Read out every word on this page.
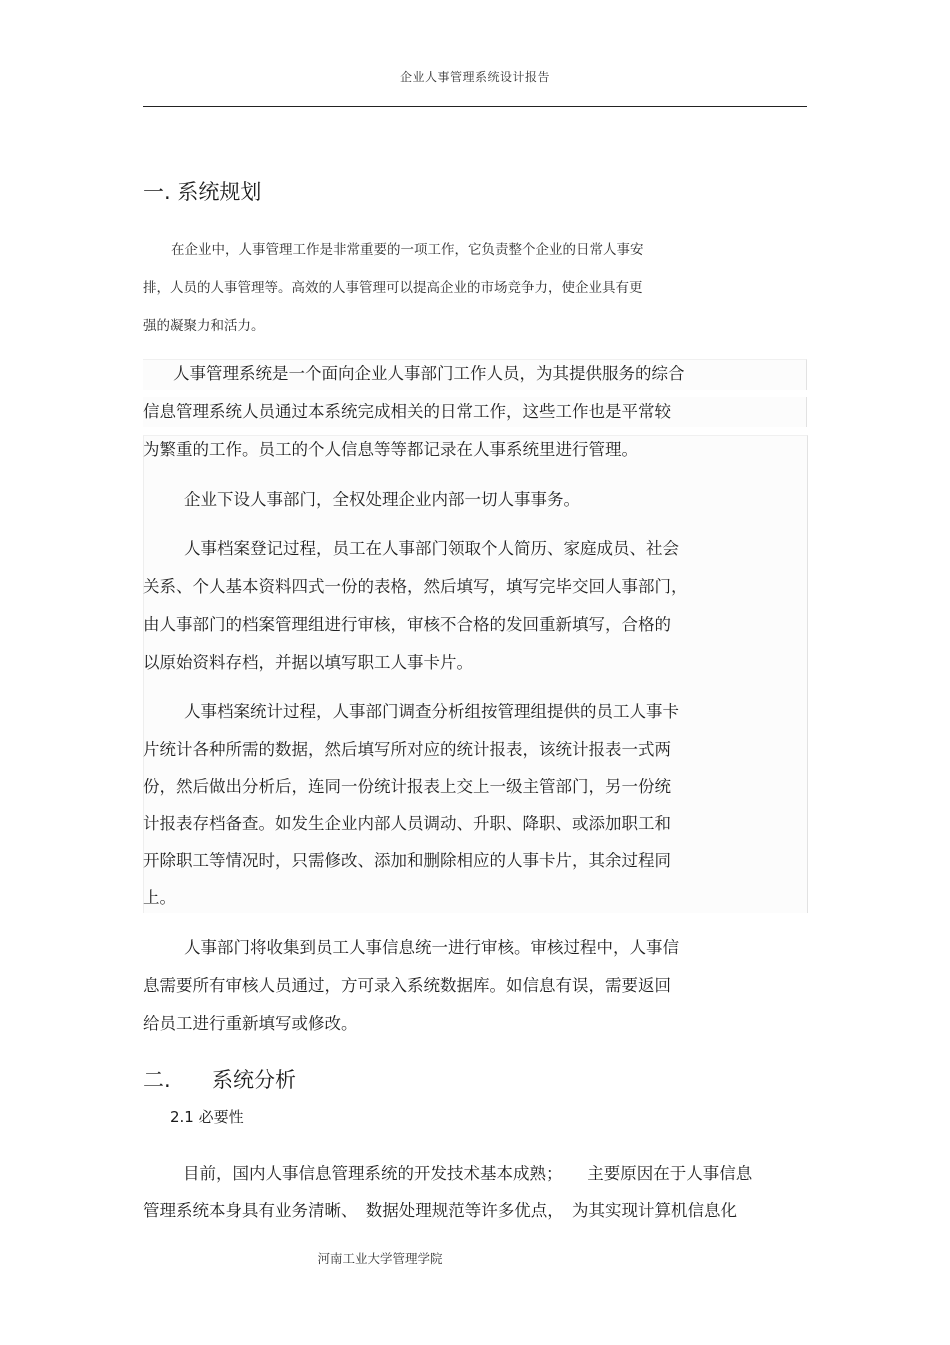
企业人事管理系统设计报告
一. 系统规划
在企业中，人事管理工作是非常重要的一项工作，它负责整个企业的日常人事安
排，人员的人事管理等。高效的人事管理可以提高企业的市场竞争力，使企业具有更
强的凝聚力和活力。
人事管理系统是一个面向企业人事部门工作人员，为其提供服务的综合
信息管理系统人员通过本系统完成相关的日常工作，这些工作也是平常较
为繁重的工作。员工的个人信息等等都记录在人事系统里进行管理。
企业下设人事部门，全权处理企业内部一切人事事务。
人事档案登记过程，员工在人事部门领取个人简历、家庭成员、社会
关系、个人基本资料四式一份的表格，然后填写，填写完毕交回人事部门，
由人事部门的档案管理组进行审核，审核不合格的发回重新填写，合格的
以原始资料存档，并据以填写职工人事卡片。
人事档案统计过程，人事部门调查分析组按管理组提供的员工人事卡
片统计各种所需的数据，然后填写所对应的统计报表，该统计报表一式两
份，然后做出分析后，连同一份统计报表上交上一级主管部门，另一份统
计报表存档备查。如发生企业内部人员调动、升职、降职、或添加职工和
开除职工等情况时，只需修改、添加和删除相应的人事卡片，其余过程同
上。
人事部门将收集到员工人事信息统一进行审核。审核过程中，人事信
息需要所有审核人员通过，方可录入系统数据库。如信息有误，需要返回
给员工进行重新填写或修改。
二. 系统分析
2.1 必要性
目前，国内人事信息管理系统的开发技术基本成熟；　　主要原因在于人事信息
管理系统本身具有业务清晰、　数据处理规范等许多优点，　为其实现计算机信息化
河南工业大学管理学院
